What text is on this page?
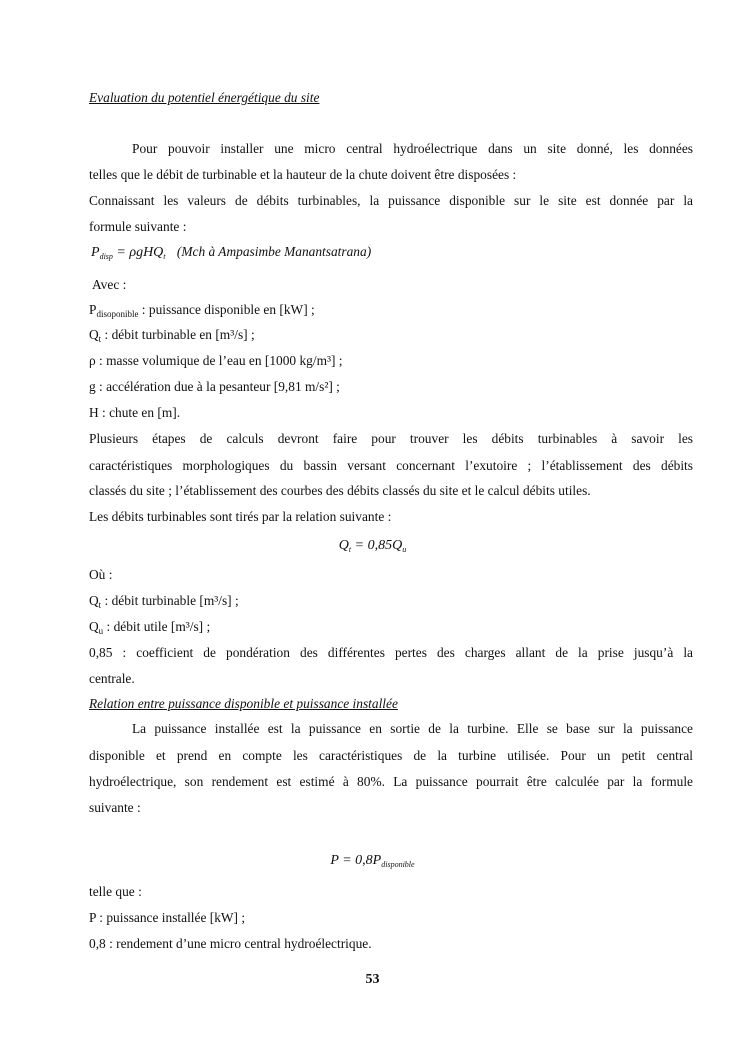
Evaluation du potentiel énergétique du site
Pour pouvoir installer une micro central hydroélectrique dans un site donné, les données
telles que le débit de turbinable et la hauteur de la chute doivent être disposées :
Connaissant les valeurs de débits turbinables, la puissance disponible sur le site est donnée par la
formule suivante :
$P_{disp} = \rho gHQ_t$ (Mch à Ampasimbe Manantsatrana)
Avec :
$P_{disoponible}$ : puissance disponible en [kW] ;
$Q_t$ : débit turbinable en [m³/s] ;
ρ : masse volumique de l’eau en [1000 kg/m³] ;
g : accélération due à la pesanteur [9,81 m/s²] ;
H : chute en [m].
Plusieurs étapes de calculs devront faire pour trouver les débits turbinables à savoir les
caractéristiques morphologiques du bassin versant concernant l’exutoire ; l’établissement des débits
classés du site ; l’établissement des courbes des débits classés du site et le calcul débits utiles.
Les débits turbinables sont tirés par la relation suivante :
$Q_t = 0,85Q_u$
Où :
$Q_t$ : débit turbinable [m³/s] ;
$Q_u$ : débit utile [m³/s] ;
0,85 : coefficient de pondération des différentes pertes des charges allant de la prise jusqu’à la
centrale.
Relation entre puissance disponible et puissance installée
La puissance installée est la puissance en sortie de la turbine. Elle se base sur la puissance
disponible et prend en compte les caractéristiques de la turbine utilisée. Pour un petit central
hydroélectrique, son rendement est estimé à 80%. La puissance pourrait être calculée par la formule
suivante :
$P = 0,8P_{disponible}$
telle que :
P : puissance installée [kW] ;
0,8 : rendement d’une micro central hydroélectrique.
53
